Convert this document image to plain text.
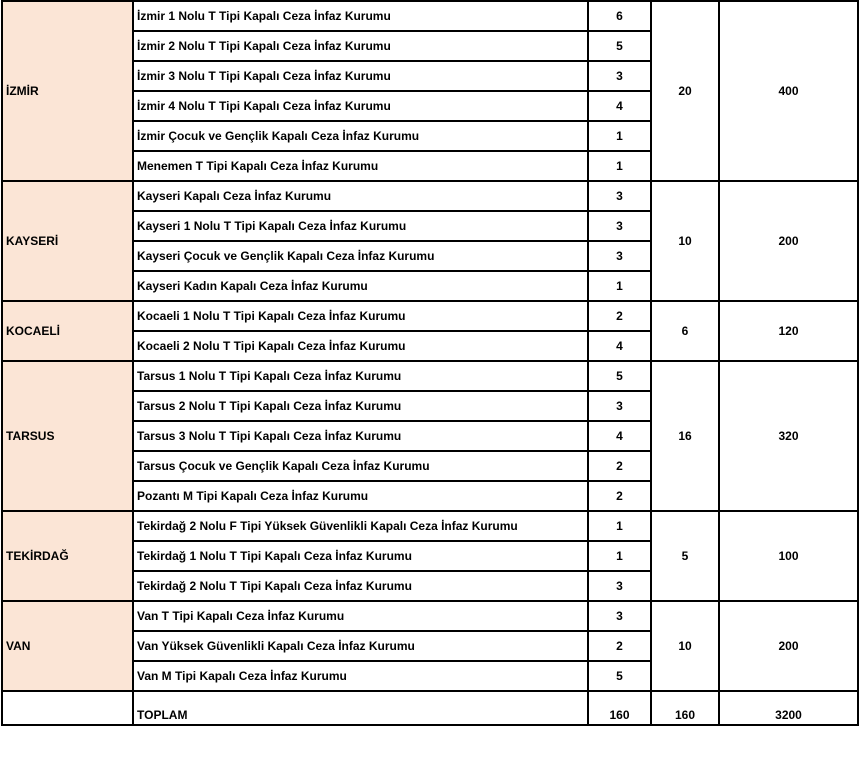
İZMİR	İzmir 1 Nolu T Tipi Kapalı Ceza İnfaz Kurumu	6	20	400
	İzmir 2 Nolu T Tipi Kapalı Ceza İnfaz Kurumu	5		
	İzmir 3 Nolu T Tipi Kapalı Ceza İnfaz Kurumu	3		
	İzmir 4 Nolu T Tipi Kapalı Ceza İnfaz Kurumu	4		
	İzmir Çocuk ve Gençlik Kapalı Ceza İnfaz Kurumu	1		
	Menemen T Tipi Kapalı Ceza İnfaz Kurumu	1		
KAYSERİ	Kayseri Kapalı Ceza İnfaz Kurumu	3	10	200
	Kayseri 1 Nolu T Tipi Kapalı Ceza İnfaz Kurumu	3		
	Kayseri Çocuk ve Gençlik Kapalı Ceza İnfaz Kurumu	3		
	Kayseri Kadın Kapalı Ceza İnfaz Kurumu	1		
KOCAELİ	Kocaeli 1 Nolu T Tipi Kapalı Ceza İnfaz Kurumu	2	6	120
	Kocaeli 2 Nolu T Tipi Kapalı Ceza İnfaz Kurumu	4		
TARSUS	Tarsus 1 Nolu T Tipi Kapalı Ceza İnfaz Kurumu	5	16	320
	Tarsus 2 Nolu T Tipi Kapalı Ceza İnfaz Kurumu	3		
	Tarsus 3 Nolu T Tipi Kapalı Ceza İnfaz Kurumu	4		
	Tarsus Çocuk ve Gençlik Kapalı Ceza İnfaz Kurumu	2		
	Pozantı M Tipi Kapalı Ceza İnfaz Kurumu	2		
TEKİRDAĞ	Tekirdağ 2 Nolu F Tipi Yüksek Güvenlikli Kapalı Ceza İnfaz Kurumu	1	5	100
	Tekirdağ 1 Nolu T Tipi Kapalı Ceza İnfaz Kurumu	1		
	Tekirdağ 2 Nolu T Tipi Kapalı Ceza İnfaz Kurumu	3		
VAN	Van T Tipi Kapalı Ceza İnfaz Kurumu	3	10	200
	Van Yüksek Güvenlikli Kapalı Ceza İnfaz Kurumu	2		
	Van M Tipi Kapalı Ceza İnfaz Kurumu	5		
	TOPLAM	160	160	3200
